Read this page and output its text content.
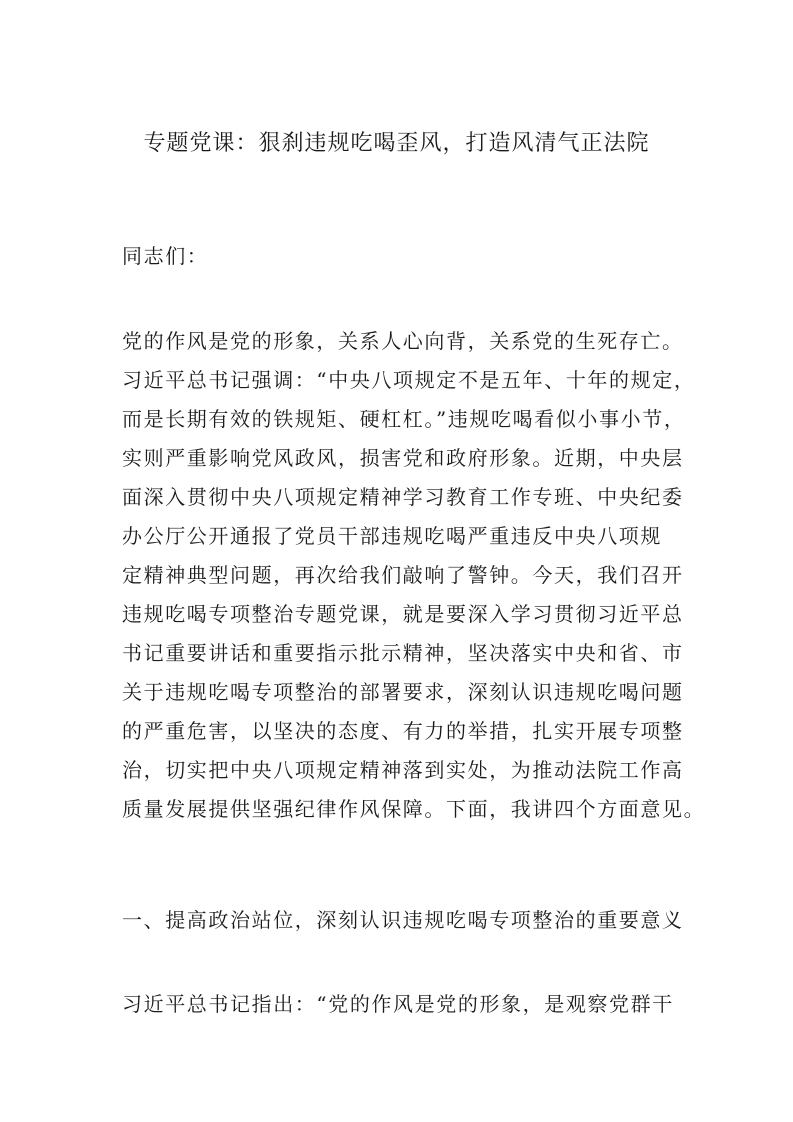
专题党课：狠刹违规吃喝歪风，打造风清气正法院

同志们：

党的作风是党的形象，关系人心向背，关系党的生死存亡。
习近平总书记强调：“中央八项规定不是五年、十年的规定，
而是长期有效的铁规矩、硬杠杠。”违规吃喝看似小事小节，
实则严重影响党风政风，损害党和政府形象。近期，中央层
面深入贯彻中央八项规定精神学习教育工作专班、中央纪委
办公厅公开通报了党员干部违规吃喝严重违反中央八项规
定精神典型问题，再次给我们敲响了警钟。今天，我们召开
违规吃喝专项整治专题党课，就是要深入学习贯彻习近平总
书记重要讲话和重要指示批示精神，坚决落实中央和省、市
关于违规吃喝专项整治的部署要求，深刻认识违规吃喝问题
的严重危害，以坚决的态度、有力的举措，扎实开展专项整
治，切实把中央八项规定精神落到实处，为推动法院工作高
质量发展提供坚强纪律作风保障。下面，我讲四个方面意见。

一、提高政治站位，深刻认识违规吃喝专项整治的重要意义

习近平总书记指出：“党的作风是党的形象，是观察党群干
